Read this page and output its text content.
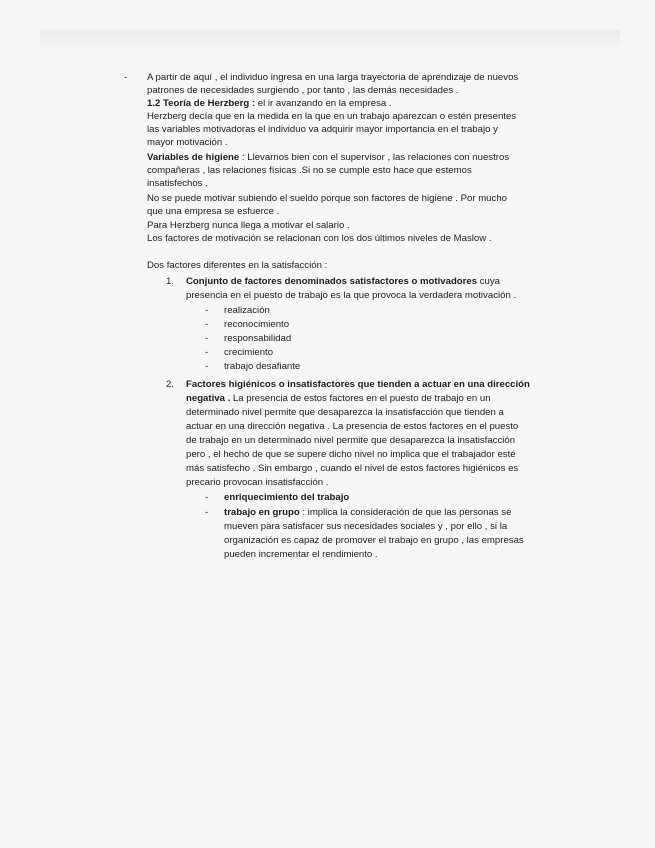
- A partir de aquí , el individuo ingresa en una larga trayectoria de aprendizaje de nuevos
patrones de necesidades surgiendo , por tanto , las demás necesidades .
1.2 Teoría de Herzberg : el ir avanzando en la empresa .
Herzberg decía que en la medida en la que en un trabajo aparezcan o estén presentes
las variables motivadoras el individuo va adquirir mayor importancia en el trabajo y
mayor motivación .
Variables de higiene : Llevarnos bien con el supervisor , las relaciones con nuestros
compañeras , las relaciones físicas .Si no se cumple esto hace que estemos
insatisfechos .
No se puede motivar subiendo el sueldo porque son factores de higiene . Por mucho
que una empresa se esfuerce .
Para Herzberg nunca llega a motivar el salario .
Los factores de motivación se relacionan con los dos últimos niveles de Maslow .
Dos factores diferentes en la satisfacción :
1. Conjunto de factores denominados satisfactores o motivadores cuya
presencia en el puesto de trabajo es la que provoca la verdadera motivación .
- realización
- reconocimiento
- responsabilidad
- crecimiento
- trabajo desafiante
2. Factores higiénicos o insatisfactores que tienden a actuar en una dirección
negativa . La presencia de estos factores en el puesto de trabajo en un
determinado nivel permite que desaparezca la insatisfacción que tienden a
actuar en una dirección negativa . La presencia de estos factores en el puesto
de trabajo en un determinado nivel permite que desaparezca la insatisfacción
pero , el hecho de que se supere dicho nivel no implica que el trabajador esté
más satisfecho . Sin embargo , cuando el nivel de estos factores higiénicos es
precario provocan insatisfacción .
- enriquecimiento del trabajo
- trabajo en grupo : implica la consideración de que las personas se
mueven para satisfacer sus necesidades sociales y , por ello , si la
organización es capaz de promover el trabajo en grupo , las empresas
pueden incrementar el rendimiento .
